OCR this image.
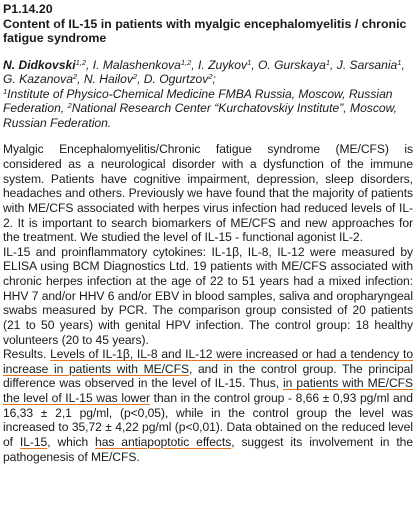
P1.14.20

Content of IL-15 in patients with myalgic encephalomyelitis / chronic fatigue syndrome

N. Didkovski$^{1,2}$, I. Malashenkova$^{1,2}$, I. Zuykov$^1$, O. Gurskaya$^1$, J. Sarsania$^1$, G. Kazanova$^2$, N. Hailov$^2$, D. Ogurtzov$^2$;
$^1$Institute of Physico-Chemical Medicine FMBA Russia, Moscow, Russian Federation, $^2$National Research Center “Kurchatovskiy Institute”, Moscow, Russian Federation.

Myalgic Encephalomyelitis/Chronic fatigue syndrome (ME/CFS) is considered as a neurological disorder with a dysfunction of the immune system. Patients have cognitive impairment, depression, sleep disorders, headaches and others. Previously we have found that the majority of patients with ME/CFS associated with herpes virus infection had reduced levels of IL-2. It is important to search biomarkers of ME/CFS and new approaches for the treatment. We studied the level of IL-15 - functional agonist IL-2.

IL-15 and proinflammatory cytokines: IL-1β, IL-8, IL-12 were measured by ELISA using BCM Diagnostics Ltd. 19 patients with ME/CFS associated with chronic herpes infection at the age of 22 to 51 years had a mixed infection: HHV 7 and/or HHV 6 and/or EBV in blood samples, saliva and oropharyngeal swabs measured by PCR. The comparison group consisted of 20 patients (21 to 50 years) with genital HPV infection. The control group: 18 healthy volunteers (20 to 45 years).

Results. Levels of IL-1β, IL-8 and IL-12 were increased or had a tendency to increase in patients with ME/CFS, and in the control group. The principal difference was observed in the level of IL-15. Thus, in patients with ME/CFS the level of IL-15 was lower than in the control group - 8,66 ± 0,93 pg/ml and 16,33 ± 2,1 pg/ml, (p<0,05), while in the control group the level was increased to 35,72 ± 4,22 pg/ml (p<0,01). Data obtained on the reduced level of IL-15, which has antiapoptotic effects, suggest its involvement in the pathogenesis of ME/CFS.
